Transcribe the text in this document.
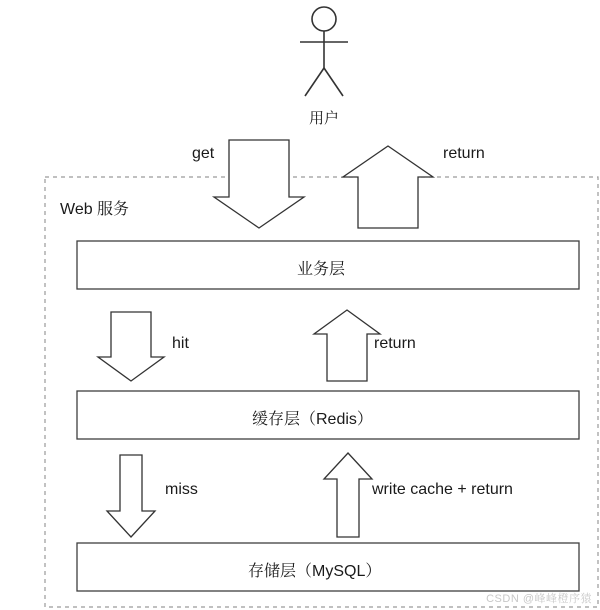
用户
Web 服务
get	return
业务层
hit	return
缓存层（Redis）
miss	write cache + return
存储层（MySQL）
CSDN @峰峰橙序猿
